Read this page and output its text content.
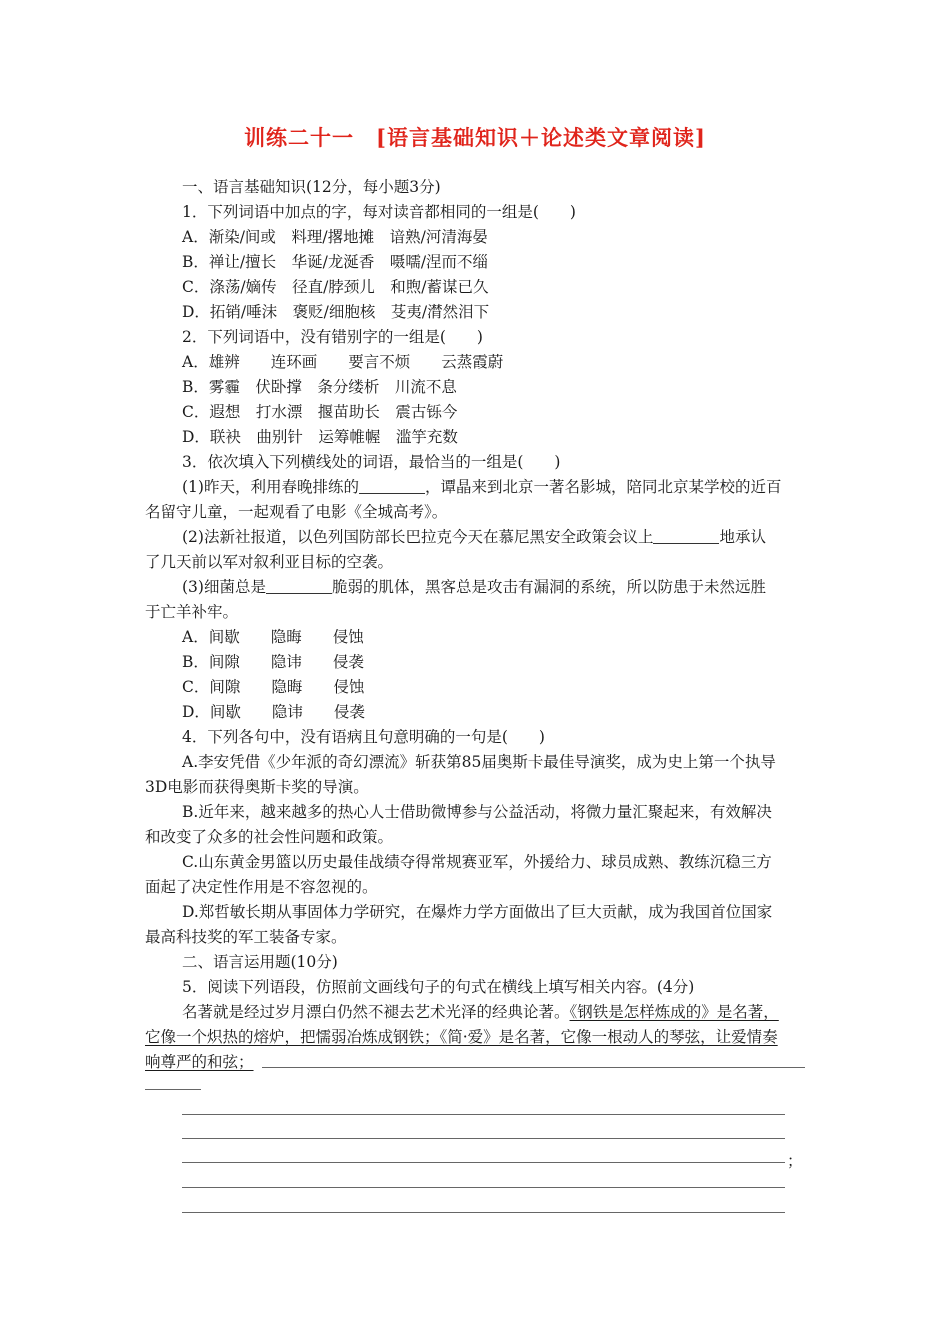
训练二十一　[语言基础知识＋论述类文章阅读]
一、语言基础知识(12分，每小题3分)
1．下列词语中加点的字，每对读音都相同的一组是(　　)
A．渐染/间或　料理/撂地摊　谙熟/河清海晏
B．禅让/擅长　华诞/龙涎香　嗫嚅/涅而不缁
C．涤荡/嫡传　径直/脖颈儿　和煦/蓄谋已久
D．拓销/唾沫　褒贬/细胞核　芟夷/潸然泪下
2．下列词语中，没有错别字的一组是(　　)
A．雄辨　　连环画　　要言不烦　　云蒸霞蔚
B．雾霾　伏卧撑　条分缕析　川流不息
C．遐想　打水漂　揠苗助长　震古铄今
D．联袂　曲别针　运筹帷幄　滥竽充数
3．依次填入下列横线处的词语，最恰当的一组是(　　)
(1)昨天，利用春晚排练的	，谭晶来到北京一著名影城，陪同北京某学校的近百
名留守儿童，一起观看了电影《全城高考》。
(2)法新社报道，以色列国防部长巴拉克今天在慕尼黑安全政策会议上	地承认
了几天前以军对叙利亚目标的空袭。
(3)细菌总是	脆弱的肌体，黑客总是攻击有漏洞的系统，所以防患于未然远胜
于亡羊补牢。
A．间歇　　隐晦　　侵蚀
B．间隙　　隐讳　　侵袭
C．间隙　　隐晦　　侵蚀
D．间歇　　隐讳　　侵袭
4．下列各句中，没有语病且句意明确的一句是(　　)
A.李安凭借《少年派的奇幻漂流》斩获第85届奥斯卡最佳导演奖，成为史上第一个执导
3D电影而获得奥斯卡奖的导演。
B.近年来，越来越多的热心人士借助微博参与公益活动，将微力量汇聚起来，有效解决
和改变了众多的社会性问题和政策。
C.山东黄金男篮以历史最佳战绩夺得常规赛亚军，外援给力、球员成熟、教练沉稳三方
面起了决定性作用是不容忽视的。
D.郑哲敏长期从事固体力学研究，在爆炸力学方面做出了巨大贡献，成为我国首位国家
最高科技奖的军工装备专家。
二、语言运用题(10分)
5．阅读下列语段，仿照前文画线句子的句式在横线上填写相关内容。(4分)
名著就是经过岁月漂白仍然不褪去艺术光泽的经典论著。《钢铁是怎样炼成的》是名著，
它像一个炽热的熔炉，把懦弱冶炼成钢铁；《简·爱》是名著，它像一根动人的琴弦，让爱情奏
响尊严的和弦；
；
